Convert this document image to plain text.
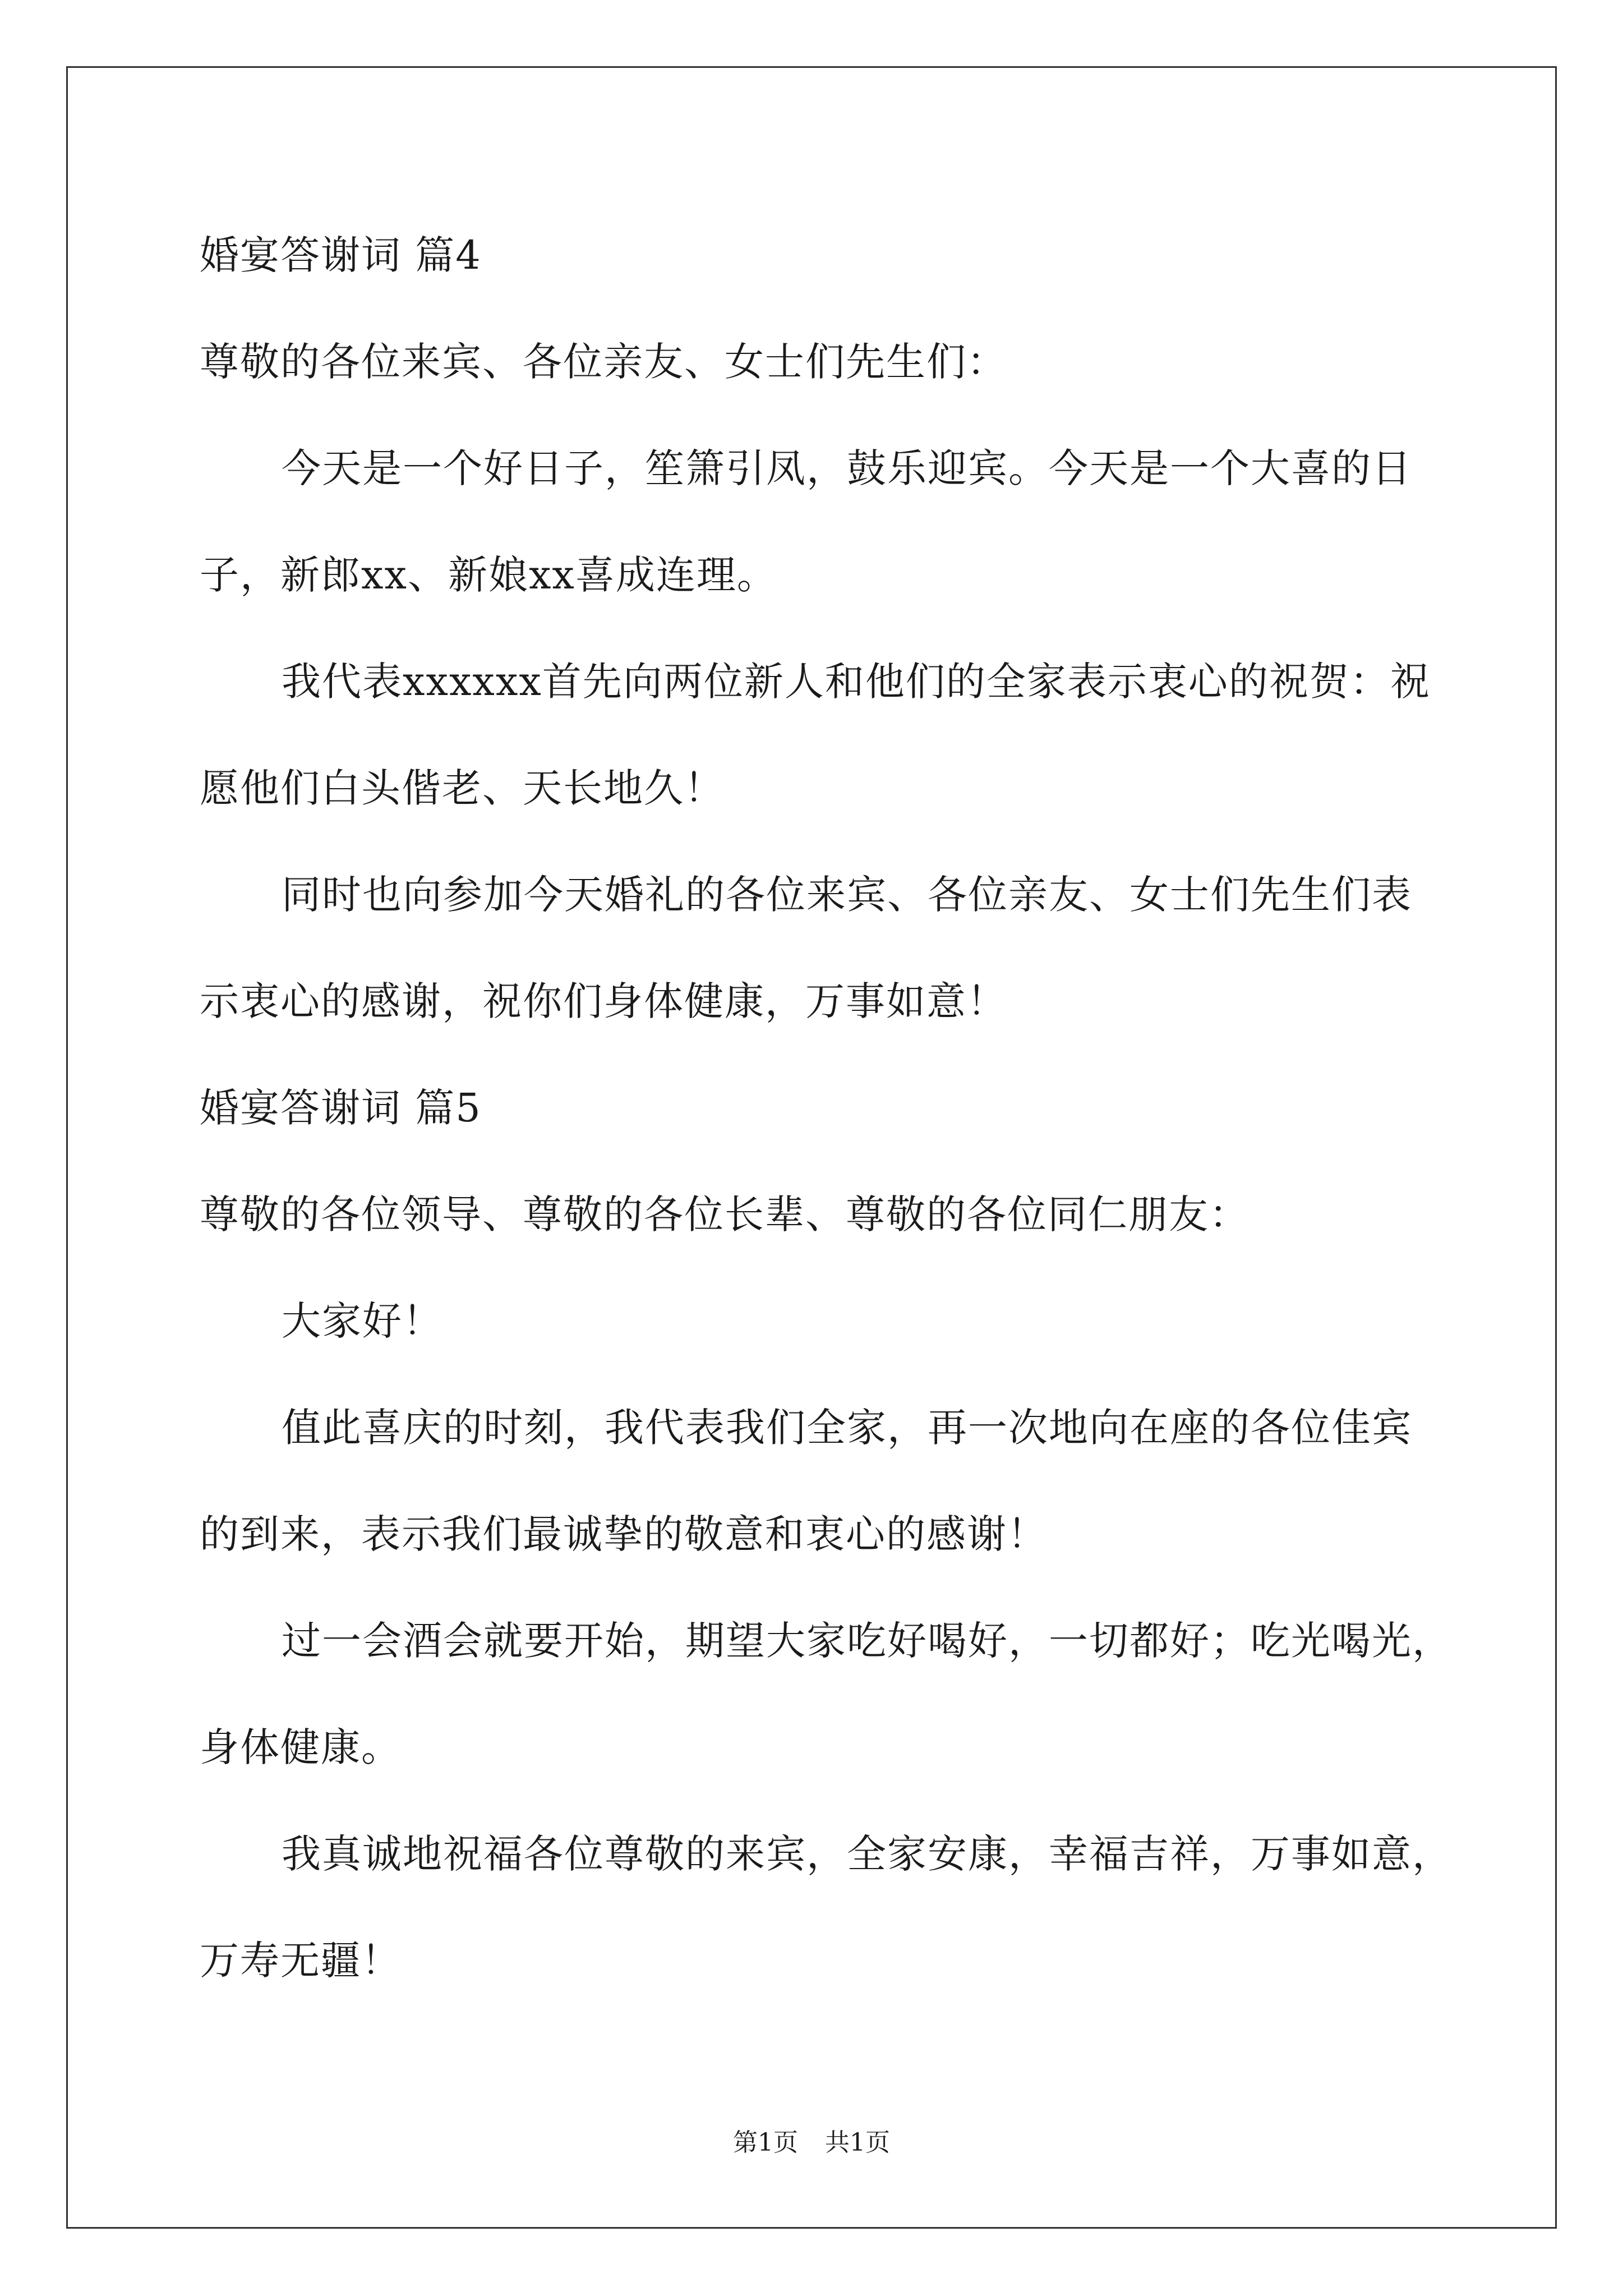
婚宴答谢词 篇4
尊敬的各位来宾、各位亲友、女士们先生们：
今天是一个好日子，笙箫引凤，鼓乐迎宾。今天是一个大喜的日
子，新郎xx、新娘xx喜成连理。
我代表xxxxxx首先向两位新人和他们的全家表示衷心的祝贺：祝
愿他们白头偕老、天长地久！
同时也向参加今天婚礼的各位来宾、各位亲友、女士们先生们表
示衷心的感谢，祝你们身体健康，万事如意！
婚宴答谢词 篇5
尊敬的各位领导、尊敬的各位长辈、尊敬的各位同仁朋友：
大家好！
值此喜庆的时刻，我代表我们全家，再一次地向在座的各位佳宾
的到来，表示我们最诚挚的敬意和衷心的感谢！
过一会酒会就要开始，期望大家吃好喝好，一切都好；吃光喝光，
身体健康。
我真诚地祝福各位尊敬的来宾，全家安康，幸福吉祥，万事如意，
万寿无疆！
第1页 共1页
